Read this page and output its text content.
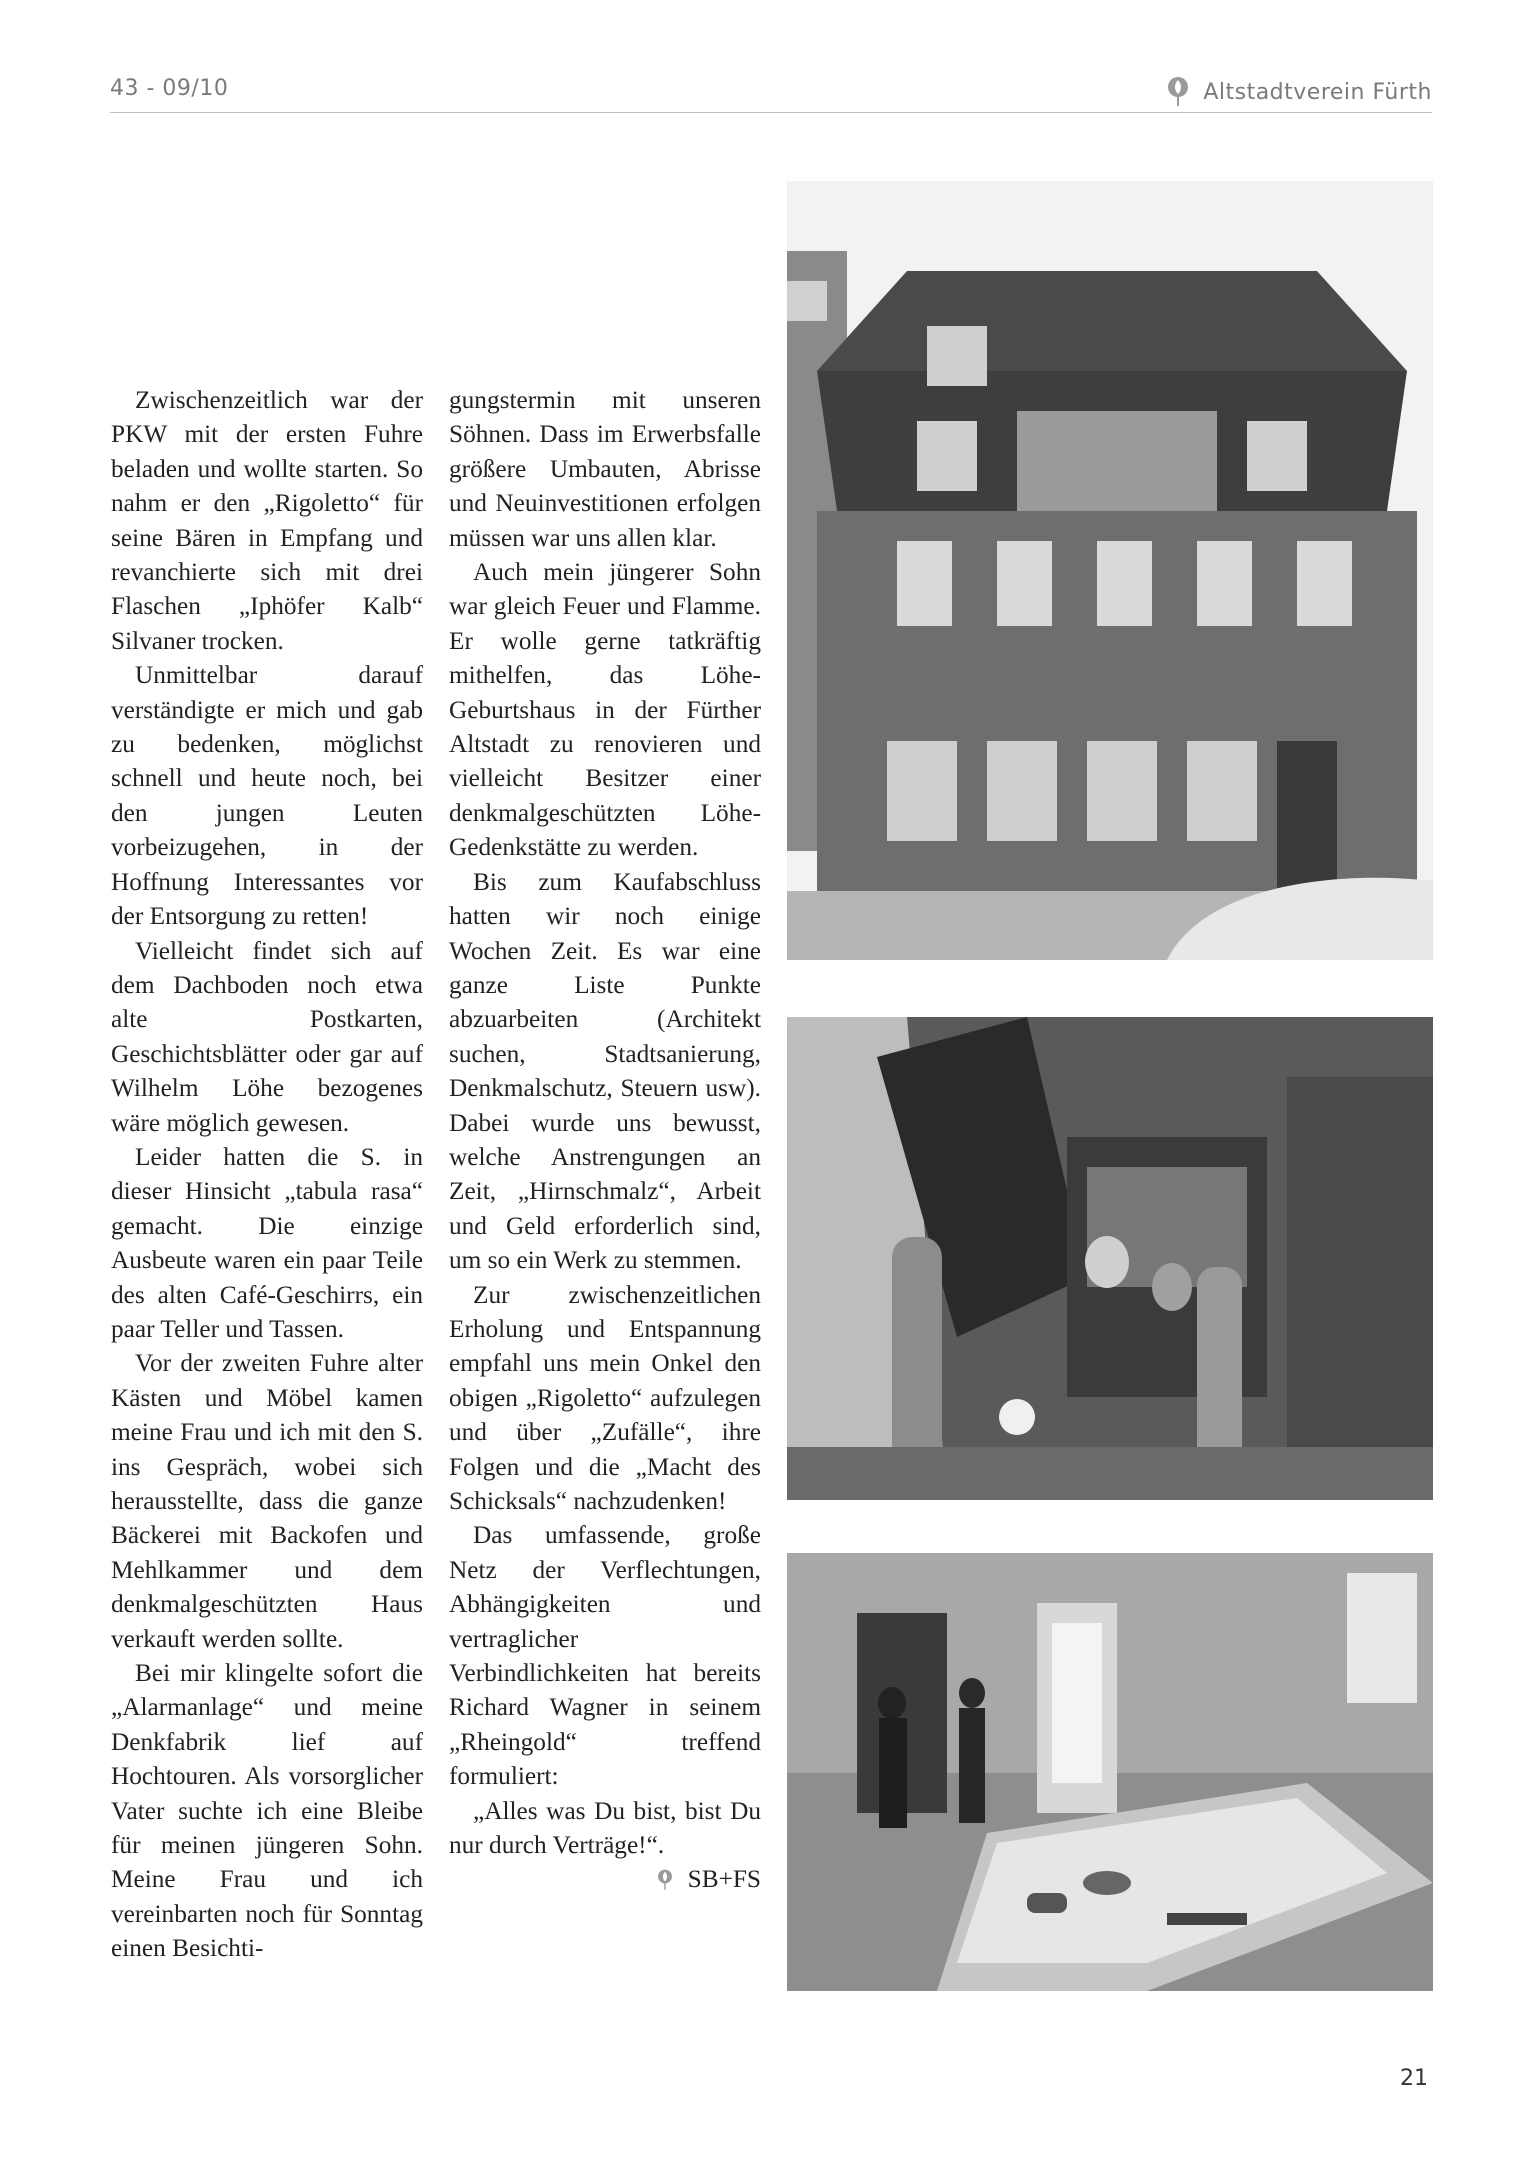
43 - 09/10	Altstadtverein Fürth

Zwischenzeitlich war der PKW mit der ersten Fuhre beladen und wollte starten. So nahm er den „Rigoletto“ für seine Bären in Empfang und revanchierte sich mit drei Flaschen „Iphöfer Kalb“ Silvaner trocken.

Unmittelbar darauf verständigte er mich und gab zu bedenken, möglichst schnell und heute noch, bei den jungen Leuten vorbeizugehen, in der Hoffnung Interessantes vor der Entsorgung zu retten!

Vielleicht findet sich auf dem Dachboden noch etwa alte Postkarten, Geschichtsblätter oder gar auf Wilhelm Löhe bezogenes wäre möglich gewesen.

Leider hatten die S. in dieser Hinsicht „tabula rasa“ gemacht. Die einzige Ausbeute waren ein paar Teile des alten Café-Geschirrs, ein paar Teller und Tassen.

Vor der zweiten Fuhre alter Kästen und Möbel kamen meine Frau und ich mit den S. ins Gespräch, wobei sich herausstellte, dass die ganze Bäckerei mit Backofen und Mehlkammer und dem denkmalgeschützten Haus verkauft werden sollte.

Bei mir klingelte sofort die „Alarmanlage“ und meine Denkfabrik lief auf Hochtouren. Als vorsorglicher Vater suchte ich eine Bleibe für meinen jüngeren Sohn. Meine Frau und ich vereinbarten noch für Sonntag einen Besichti-

gungstermin mit unseren Söhnen. Dass im Erwerbsfalle größere Umbauten, Abrisse und Neuinvestitionen erfolgen müssen war uns allen klar.

Auch mein jüngerer Sohn war gleich Feuer und Flamme. Er wolle gerne tatkräftig mithelfen, das Löhe-Geburtshaus in der Fürther Altstadt zu renovieren und vielleicht Besitzer einer denkmalgeschützten Löhe-Gedenkstätte zu werden.

Bis zum Kaufabschluss hatten wir noch einige Wochen Zeit. Es war eine ganze Liste Punkte abzuarbeiten (Architekt suchen, Stadtsanierung, Denkmalschutz, Steuern usw). Dabei wurde uns bewusst, welche Anstrengungen an Zeit, „Hirnschmalz“, Arbeit und Geld erforderlich sind, um so ein Werk zu stemmen.

Zur zwischenzeitlichen Erholung und Entspannung empfahl uns mein Onkel den obigen „Rigoletto“ aufzulegen und über „Zufälle“, ihre Folgen und die „Macht des Schicksals“ nachzudenken!

Das umfassende, große Netz der Verflechtungen, Abhängigkeiten und vertraglicher Verbindlichkeiten hat bereits Richard Wagner in seinem „Rheingold“ treffend formuliert:

„Alles was Du bist, bist Du nur durch Verträge!“.

SB+FS

21
